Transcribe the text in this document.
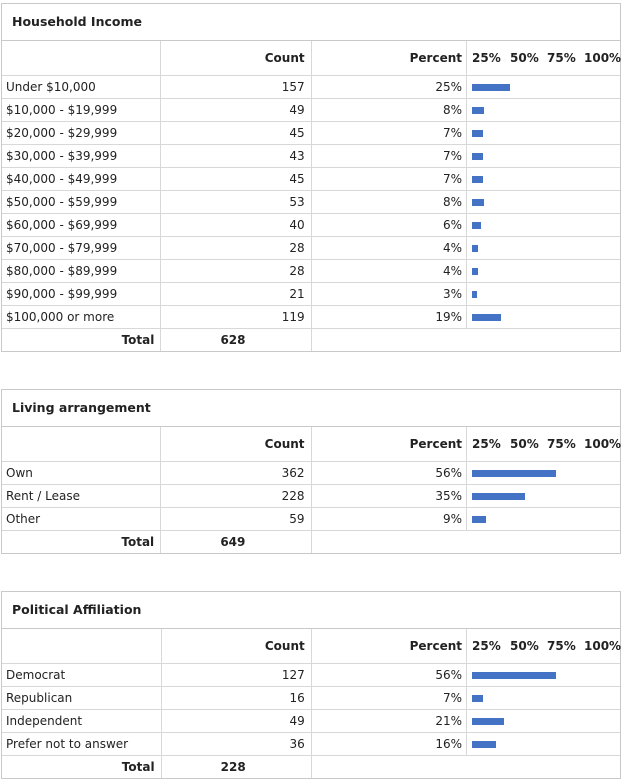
Household Income
	Count	Percent	25% 50% 75% 100%

Under $10,000	157	25%	

$10,000 - $19,999	49	8%	

$20,000 - $29,999	45	7%	

$30,000 - $39,999	43	7%	

$40,000 - $49,999	45	7%	

$50,000 - $59,999	53	8%	

$60,000 - $69,999	40	6%	

$70,000 - $79,999	28	4%	

$80,000 - $89,999	28	4%	

$90,000 - $99,999	21	3%	

$100,000 or more	119	19%	

Total	628		
Living arrangement
	Count	Percent	25% 50% 75% 100%

Own	362	56%	

Rent / Lease	228	35%	

Other	59	9%	

Total	649		
Political Affiliation
	Count	Percent	25% 50% 75% 100%

Democrat	127	56%	

Republican	16	7%	

Independent	49	21%	

Prefer not to answer	36	16%	

Total	228		
